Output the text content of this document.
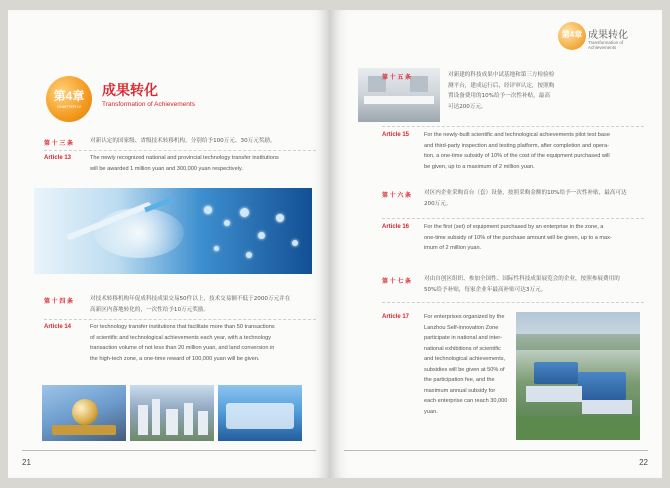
第4章
CHAPTER IV
成果转化
Transformation of Achievements
第 十 三 条	对新认定的国家级、省级技术转移机构，分别给予100万元、30万元奖励。
Article 13	The newly recognized national and provincial technology transfer institutions
will be awarded 1 million yuan and 300,000 yuan respectively.
第 十 四 条	对技术转移机构年促成科技成果交易50件以上，技术交易额不低于2000万元并在
高新区内落地转化的，一次性给予10万元奖励。
Article 14	For technology transfer institutions that facilitate more than 50 transactions
of scientific and technological achievements each year, with a technology
transaction volume of not less than 20 million yuan, and land conversion in
the high-tech zone, a one-time reward of 100,000 yuan will be given.
21
第4章 成果转化
Transformation of Achievements
第 十 五 条	对新建的科技成果中试基地和第三方检验检
测平台，建成运行后，经评审认定，按照购
置设备费用的10%给予一次性补贴，最高
可达200万元。
Article 15	For the newly-built scientific and technological achievements pilot test base
and third-party inspection and testing platform, after completion and opera-
tion, a one-time subsidy of 10% of the cost of the equipment purchased will
be given, up to a maximum of 2 million yuan.
第 十 六 条 对区内企业采购首台（套）设备，按照采购金额的10%给予一次性补贴，最高可达
200万元。
Article 16	For the first (set) of equipment purchased by an enterprise in the zone, a
one-time subsidy of 10% of the purchase amount will be given, up to a max-
imum of 2 million yuan.
第 十 七 条 对由自创区组织、参加全国性、国际性科技成果展览会的企业，按照参展费用的
50%给予补贴，每家企业年最高补贴可达3万元。
Article 17	For enterprises organized by the
Lanzhou Self-innovation Zone
participate in national and inter-
national exhibitions of scientific
and technological achievements,
subsidies will be given at 50% of
the participation fee, and the
maximum annual subsidy for
each enterprise can reach 30,000
yuan.
22
